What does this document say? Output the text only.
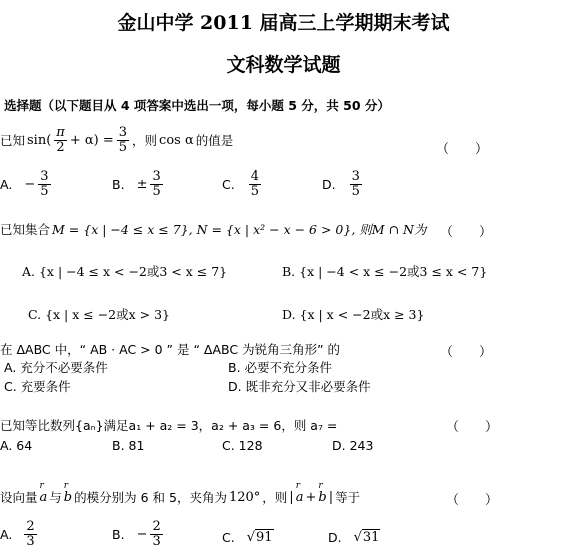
金山中学 2011 届高三上学期期末考试
文科数学试题
选择题（以下题目从 4 项答案中选出一项，每小题 5 分，共 50 分）
已知 $\sin( \frac{\pi}{2} + \alpha) = \frac{3}{5}$ ，则 cos α 的值是
（　　）
A. − $\frac{3}{5}$	B. ± $\frac{3}{5}$	C. $\frac{4}{5}$	D. $\frac{3}{5}$
已知集合 M = {x | −4 ≤ x ≤ 7}, N = {x | x² − x − 6 > 0}, 则M ∩ N为 （　　）
A. {x | −4 ≤ x < −2或3 < x ≤ 7}	B. {x | −4 < x ≤ −2或3 ≤ x < 7}
C. {x | x ≤ −2或x > 3}	D. {x | x < −2或x ≥ 3}
在 ΔABC 中，“ AB · AC > 0 ” 是 “ ΔABC 为锐角三角形” 的	（　　）
A. 充分不必要条件	B. 必要不充分条件
C. 充要条件	D. 既非充分又非必要条件
已知等比数列{aₙ}满足a₁ + a₂ = 3，a₂ + a₃ = 6，则 a₇ =	（　　）
A. 64	B. 81	C. 128	D. 243
设向量
r
a 与
r
b 的模分别为 6 和 5，夹角为 120° ，则 |
r
a +
r
b | 等于	（　　）
A. $\frac{2}{3}$	B. − $\frac{2}{3}$	C. √91	D. √31
